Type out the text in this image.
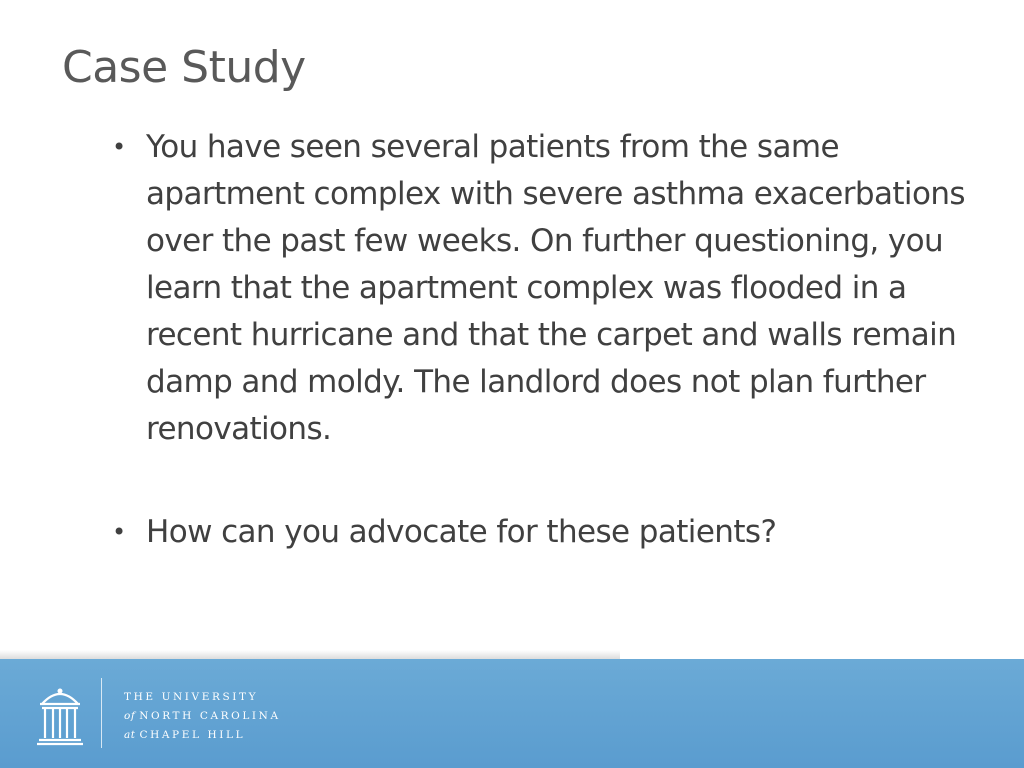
Case Study
• You have seen several patients from the same apartment complex with severe asthma exacerbations over the past few weeks. On further questioning, you learn that the apartment complex was flooded in a recent hurricane and that the carpet and walls remain damp and moldy. The landlord does not plan further renovations.
• How can you advocate for these patients?
THE UNIVERSITY
of NORTH CAROLINA
at CHAPEL HILL
